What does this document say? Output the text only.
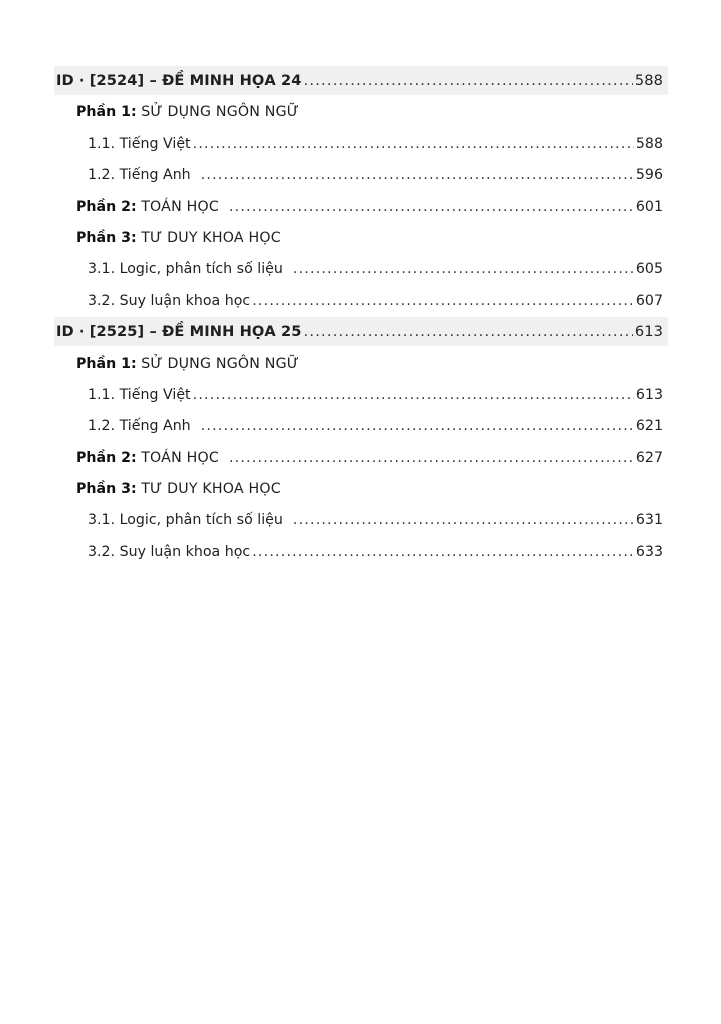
ID · [2524] – ĐỀ MINH HỌA 24 .....	588
Phần 1: SỬ DỤNG NGÔN NGỮ
1.1. Tiếng Việt .....	588
1.2. Tiếng Anh .....	596
Phần 2: TOÁN HỌC .....	601
Phần 3: TƯ DUY KHOA HỌC
3.1. Logic, phân tích số liệu .....	605
3.2. Suy luận khoa học .....	607
ID · [2525] – ĐỀ MINH HỌA 25 .....	613
Phần 1: SỬ DỤNG NGÔN NGỮ
1.1. Tiếng Việt .....	613
1.2. Tiếng Anh .....	621
Phần 2: TOÁN HỌC .....	627
Phần 3: TƯ DUY KHOA HỌC
3.1. Logic, phân tích số liệu .....	631
3.2. Suy luận khoa học .....	633
